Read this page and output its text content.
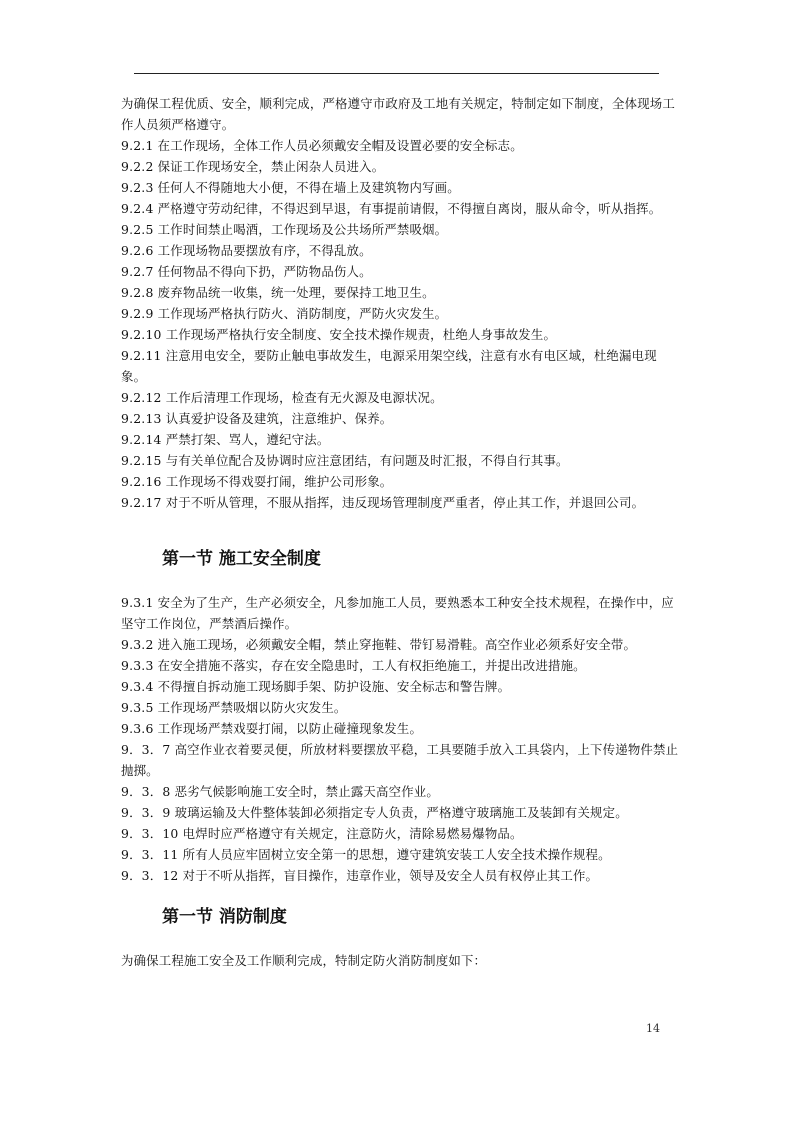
为确保工程优质、安全，顺利完成，严格遵守市政府及工地有关规定，特制定如下制度，全体现场工作人员须严格遵守。

9.2.1 在工作现场，全体工作人员必须戴安全帽及设置必要的安全标志。

9.2.2 保证工作现场安全，禁止闲杂人员进入。

9.2.3 任何人不得随地大小便，不得在墙上及建筑物内写画。

9.2.4 严格遵守劳动纪律，不得迟到早退，有事提前请假，不得擅自离岗，服从命令，听从指挥。

9.2.5 工作时间禁止喝酒，工作现场及公共场所严禁吸烟。

9.2.6 工作现场物品要摆放有序，不得乱放。

9.2.7 任何物品不得向下扔，严防物品伤人。

9.2.8 废弃物品统一收集，统一处理，要保持工地卫生。

9.2.9 工作现场严格执行防火、消防制度，严防火灾发生。

9.2.10 工作现场严格执行安全制度、安全技术操作规责，杜绝人身事故发生。

9.2.11 注意用电安全，要防止触电事故发生，电源采用架空线，注意有水有电区域，杜绝漏电现象。

9.2.12 工作后清理工作现场，检查有无火源及电源状况。

9.2.13 认真爱护设备及建筑，注意维护、保养。

9.2.14 严禁打架、骂人，遵纪守法。

9.2.15 与有关单位配合及协调时应注意团结，有问题及时汇报，不得自行其事。

9.2.16 工作现场不得戏耍打闹，维护公司形象。

9.2.17 对于不听从管理，不服从指挥，违反现场管理制度严重者，停止其工作，并退回公司。

第一节 施工安全制度

9.3.1 安全为了生产，生产必须安全，凡参加施工人员，要熟悉本工种安全技术规程，在操作中，应坚守工作岗位，严禁酒后操作。

9.3.2 进入施工现场，必须戴安全帽，禁止穿拖鞋、带钉易滑鞋。高空作业必须系好安全带。

9.3.3 在安全措施不落实，存在安全隐患时，工人有权拒绝施工，并提出改进措施。

9.3.4 不得擅自拆动施工现场脚手架、防护设施、安全标志和警告牌。

9.3.5 工作现场严禁吸烟以防火灾发生。

9.3.6 工作现场严禁戏耍打闹，以防止碰撞现象发生。

9．3．7 高空作业衣着要灵便，所放材料要摆放平稳，工具要随手放入工具袋内，上下传递物件禁止抛掷。

9．3．8 恶劣气候影响施工安全时，禁止露天高空作业。

9．3．9 玻璃运输及大件整体装卸必须指定专人负责，严格遵守玻璃施工及装卸有关规定。

9．3．10 电焊时应严格遵守有关规定，注意防火，清除易燃易爆物品。

9．3．11 所有人员应牢固树立安全第一的思想，遵守建筑安装工人安全技术操作规程。

9．3．12 对于不听从指挥，盲目操作，违章作业，领导及安全人员有权停止其工作。

第一节 消防制度

为确保工程施工安全及工作顺利完成，特制定防火消防制度如下：

14
